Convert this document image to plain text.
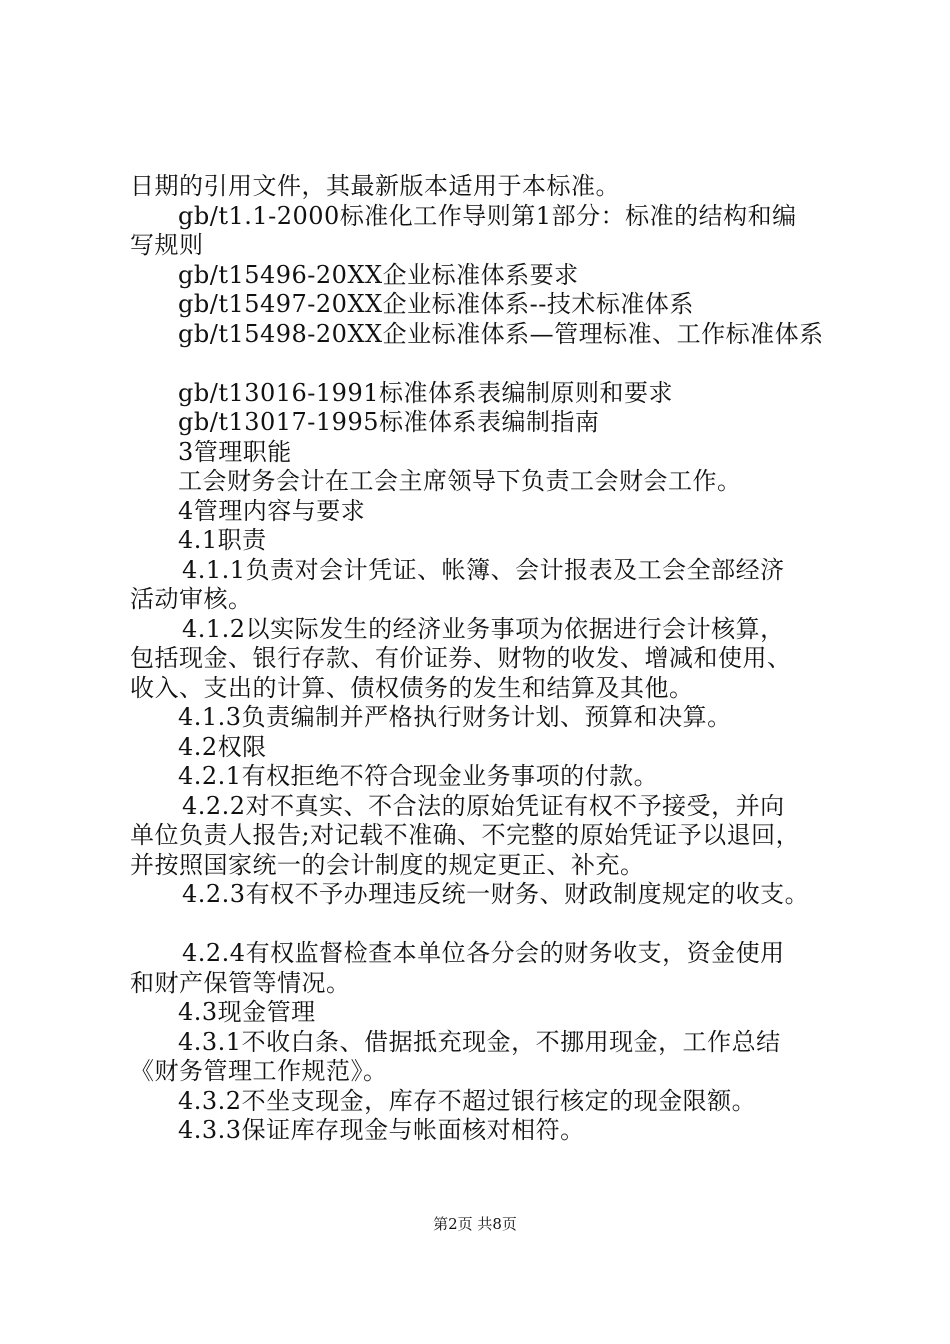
日期的引用文件，其最新版本适用于本标准。
gb/t1.1-2000标准化工作导则第1部分：标准的结构和编
写规则
gb/t15496-20XX企业标准体系要求
gb/t15497-20XX企业标准体系--技术标准体系
gb/t15498-20XX企业标准体系—管理标准、工作标准体系
gb/t13016-1991标准体系表编制原则和要求
gb/t13017-1995标准体系表编制指南
3管理职能
工会财务会计在工会主席领导下负责工会财会工作。
4管理内容与要求
4.1职责
4.1.1负责对会计凭证、帐簿、会计报表及工会全部经济
活动审核。
4.1.2以实际发生的经济业务事项为依据进行会计核算，
包括现金、银行存款、有价证券、财物的收发、增减和使用、
收入、支出的计算、债权债务的发生和结算及其他。
4.1.3负责编制并严格执行财务计划、预算和决算。
4.2权限
4.2.1有权拒绝不符合现金业务事项的付款。
4.2.2对不真实、不合法的原始凭证有权不予接受，并向
单位负责人报告;对记载不准确、不完整的原始凭证予以退回，
并按照国家统一的会计制度的规定更正、补充。
4.2.3有权不予办理违反统一财务、财政制度规定的收支。
4.2.4有权监督检查本单位各分会的财务收支，资金使用
和财产保管等情况。
4.3现金管理
4.3.1不收白条、借据抵充现金，不挪用现金，工作总结
《财务管理工作规范》。
4.3.2不坐支现金，库存不超过银行核定的现金限额。
4.3.3保证库存现金与帐面核对相符。
第2页 共8页
